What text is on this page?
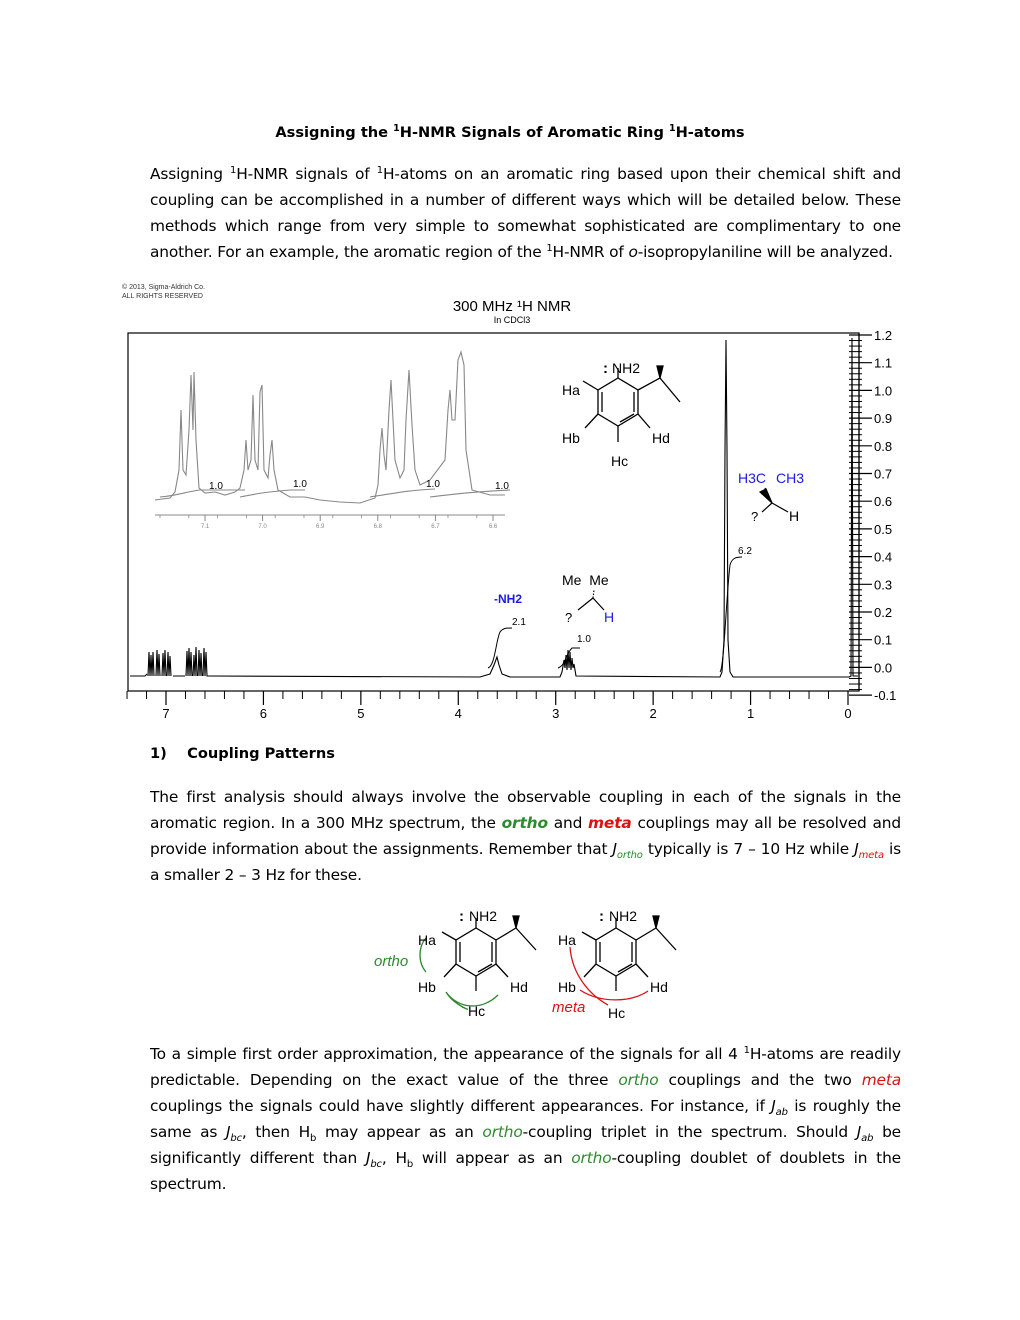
Assigning the $^1$H-NMR Signals of Aromatic Ring $^1$H-atoms
Assigning $^1$H-NMR signals of $^1$H-atoms on an aromatic ring based upon their chemical shift and coupling can be accomplished in a number of different ways which will be detailed below. These methods which range from very simple to somewhat sophisticated are complimentary to one another. For an example, the aromatic region of the $^1$H-NMR of o-isopropylaniline will be analyzed.
© 2013, Sigma-Aldrich Co.
ALL RIGHTS RESERVED
300 MHz ¹H NMR
In CDCl3
1.2
1.1
1.0
0.9
0.8
0.7
0.6
0.5
0.4
0.3
0.2
0.1
0.0
-0.1
7	6	5	4	3	2	1	0
2.1
1.0
6.2
-NH2
1.0	1.0	1.0	1.0
7.1	7.0	6.9	6.8	6.7	6.6
: NH2
Ha
Hb
Hc
Hd
Me  Me
? H
H3C CH3
? H
1) Coupling Patterns
The first analysis should always involve the observable coupling in each of the signals in the aromatic region. In a 300 MHz spectrum, the ortho and meta couplings may all be resolved and provide information about the assignments. Remember that $J_{ortho}$ typically is 7 – 10 Hz while $J_{meta}$ is a smaller 2 – 3 Hz for these.
ortho
: NH2
Ha
Hb
Hc
Hd
meta
: NH2
Ha
Hb
Hc
Hd
To a simple first order approximation, the appearance of the signals for all 4 $^1$H-atoms are readily predictable. Depending on the exact value of the three ortho couplings and the two meta couplings the signals could have slightly different appearances. For instance, if $J_{ab}$ is roughly the same as $J_{bc}$, then $H_b$ may appear as an ortho-coupling triplet in the spectrum. Should $J_{ab}$ be significantly different than $J_{bc}$, $H_b$ will appear as an ortho-coupling doublet of doublets in the spectrum.
